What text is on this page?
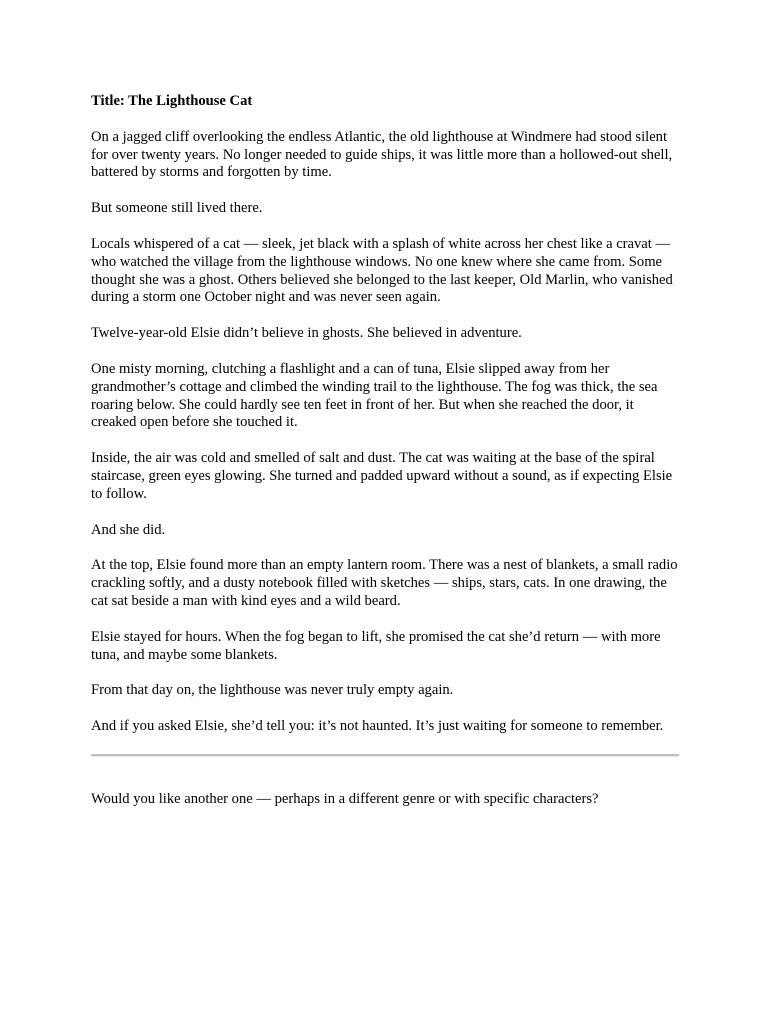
Title: The Lighthouse Cat

On a jagged cliff overlooking the endless Atlantic, the old lighthouse at Windmere had stood silent for over twenty years. No longer needed to guide ships, it was little more than a hollowed-out shell, battered by storms and forgotten by time.

But someone still lived there.

Locals whispered of a cat — sleek, jet black with a splash of white across her chest like a cravat — who watched the village from the lighthouse windows. No one knew where she came from. Some thought she was a ghost. Others believed she belonged to the last keeper, Old Marlin, who vanished during a storm one October night and was never seen again.

Twelve-year-old Elsie didn’t believe in ghosts. She believed in adventure.

One misty morning, clutching a flashlight and a can of tuna, Elsie slipped away from her grandmother’s cottage and climbed the winding trail to the lighthouse. The fog was thick, the sea roaring below. She could hardly see ten feet in front of her. But when she reached the door, it creaked open before she touched it.

Inside, the air was cold and smelled of salt and dust. The cat was waiting at the base of the spiral staircase, green eyes glowing. She turned and padded upward without a sound, as if expecting Elsie to follow.

And she did.

At the top, Elsie found more than an empty lantern room. There was a nest of blankets, a small radio crackling softly, and a dusty notebook filled with sketches — ships, stars, cats. In one drawing, the cat sat beside a man with kind eyes and a wild beard.

Elsie stayed for hours. When the fog began to lift, she promised the cat she’d return — with more tuna, and maybe some blankets.

From that day on, the lighthouse was never truly empty again.

And if you asked Elsie, she’d tell you: it’s not haunted. It’s just waiting for someone to remember.

Would you like another one — perhaps in a different genre or with specific characters?
